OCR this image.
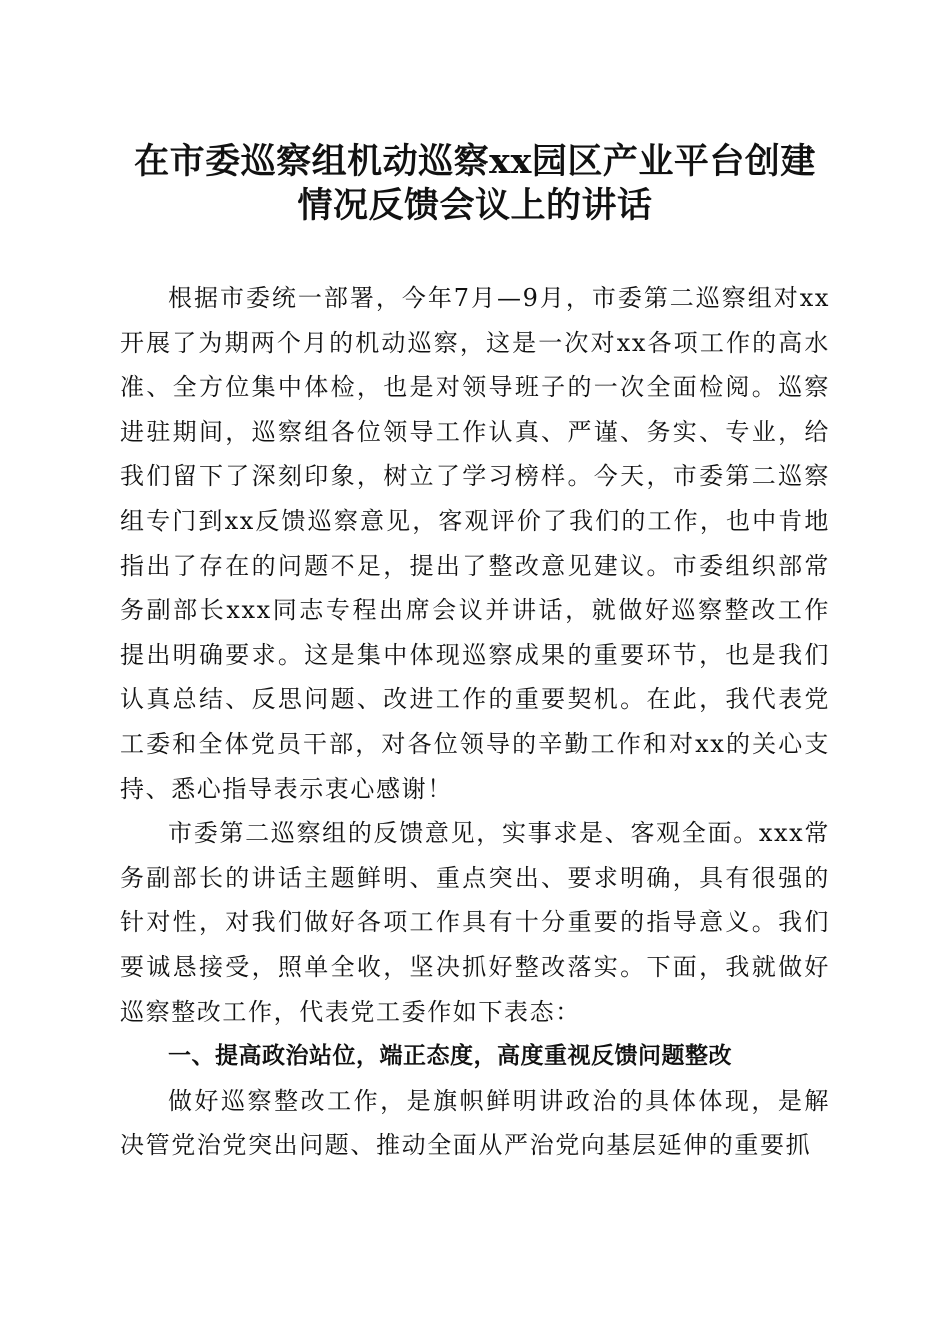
在市委巡察组机动巡察xx园区产业平台创建
情况反馈会议上的讲话

根据市委统一部署，今年7月—9月，市委第二巡察组对xx开展了为期两个月的机动巡察，这是一次对xx各项工作的高水准、全方位集中体检，也是对领导班子的一次全面检阅。巡察进驻期间，巡察组各位领导工作认真、严谨、务实、专业，给我们留下了深刻印象，树立了学习榜样。今天，市委第二巡察组专门到xx反馈巡察意见，客观评价了我们的工作，也中肯地指出了存在的问题不足，提出了整改意见建议。市委组织部常务副部长xxx同志专程出席会议并讲话，就做好巡察整改工作提出明确要求。这是集中体现巡察成果的重要环节，也是我们认真总结、反思问题、改进工作的重要契机。在此，我代表党工委和全体党员干部，对各位领导的辛勤工作和对xx的关心支持、悉心指导表示衷心感谢！

市委第二巡察组的反馈意见，实事求是、客观全面。xxx常务副部长的讲话主题鲜明、重点突出、要求明确，具有很强的针对性，对我们做好各项工作具有十分重要的指导意义。我们要诚恳接受，照单全收，坚决抓好整改落实。下面，我就做好巡察整改工作，代表党工委作如下表态：

一、提高政治站位，端正态度，高度重视反馈问题整改

做好巡察整改工作，是旗帜鲜明讲政治的具体体现，是解决管党治党突出问题、推动全面从严治党向基层延伸的重要抓
